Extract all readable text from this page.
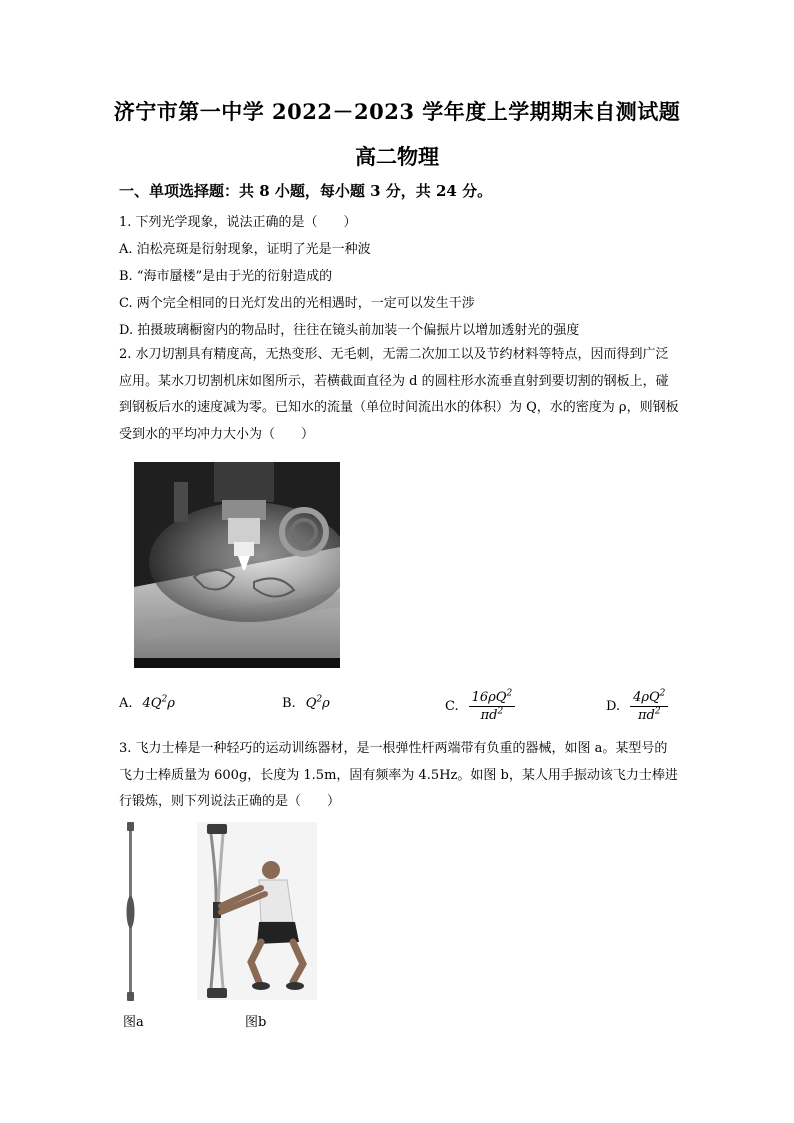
济宁市第一中学 2022－2023 学年度上学期期末自测试题
高二物理
一、单项选择题：共 8 小题，每小题 3 分，共 24 分。
1. 下列光学现象，说法正确的是（　　）
A. 泊松亮斑是衍射现象，证明了光是一种波
B. “海市蜃楼”是由于光的衍射造成的
C. 两个完全相同的日光灯发出的光相遇时，一定可以发生干涉
D. 拍摄玻璃橱窗内的物品时，往往在镜头前加装一个偏振片以增加透射光的强度
2. 水刀切割具有精度高，无热变形、无毛刺，无需二次加工以及节约材料等特点，因而得到广泛应用。某水刀切割机床如图所示，若横截面直径为 d 的圆柱形水流垂直射到要切割的钢板上，碰到钢板后水的速度减为零。已知水的流量（单位时间流出水的体积）为 Q，水的密度为 ρ，则钢板受到水的平均冲力大小为（　　）
A. $4Q^2\rho$	B. $Q^2\rho$	C. $\frac{16\rho Q^2}{\pi d^2}$	D. $\frac{4\rho Q^2}{\pi d^2}$
3. 飞力士棒是一种轻巧的运动训练器材，是一根弹性杆两端带有负重的器械，如图 a。某型号的飞力士棒质量为 600g，长度为 1.5m，固有频率为 4.5Hz。如图 b，某人用手振动该飞力士棒进行锻炼，则下列说法正确的是（　　）
图a	图b
